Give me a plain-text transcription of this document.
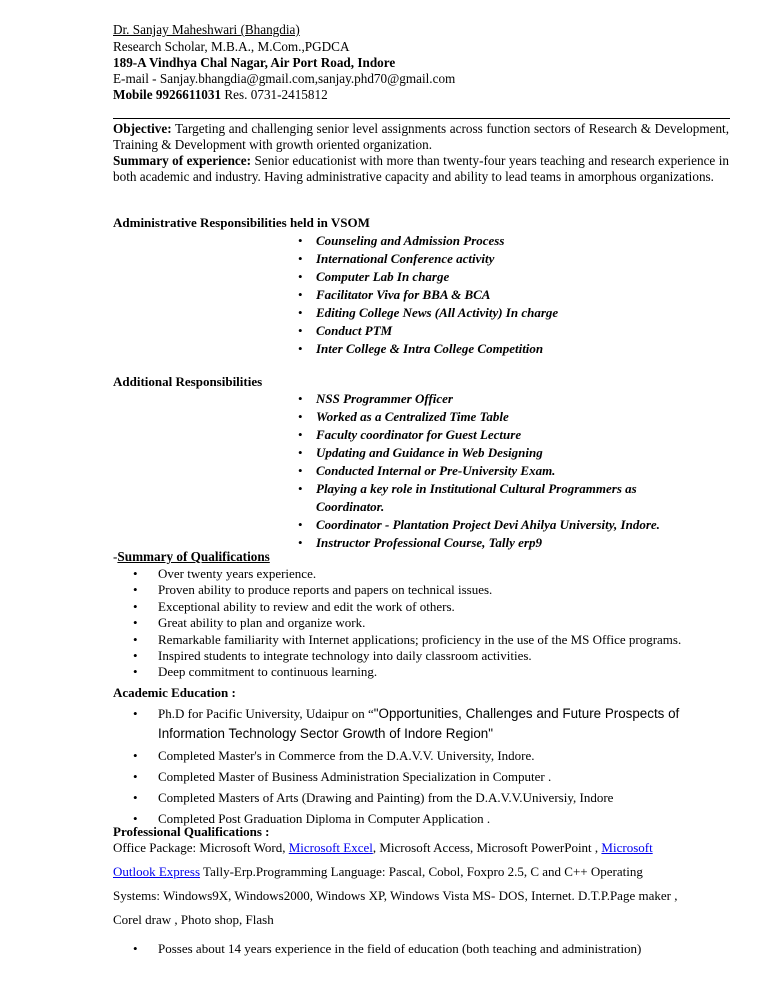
Dr. Sanjay Maheshwari (Bhangdia)
Research Scholar, M.B.A., M.Com.,PGDCA
189-A Vindhya Chal Nagar, Air Port Road, Indore
E-mail - Sanjay.bhangdia@gmail.com,sanjay.phd70@gmail.com
Mobile 9926611031 Res. 0731-2415812
Objective: Targeting and challenging senior level assignments across function sectors of Research & Development, Training & Development with growth oriented organization.
Summary of experience: Senior educationist with more than twenty-four years teaching and research experience in both academic and industry. Having administrative capacity and ability to lead teams in amorphous organizations.
Administrative Responsibilities held in VSOM
• Counseling and Admission Process
• International Conference activity
• Computer Lab In charge
• Facilitator Viva for BBA & BCA
• Editing College News (All Activity) In charge
• Conduct PTM
• Inter College & Intra College Competition
Additional Responsibilities
• NSS Programmer Officer
• Worked as a Centralized Time Table
• Faculty coordinator for Guest Lecture
• Updating and Guidance in Web Designing
• Conducted Internal or Pre-University Exam.
• Playing a key role in Institutional Cultural Programmers as
Coordinator.
• Coordinator - Plantation Project Devi Ahilya University, Indore.
• Instructor Professional Course, Tally erp9
-Summary of Qualifications
• Over twenty years experience.
• Proven ability to produce reports and papers on technical issues.
• Exceptional ability to review and edit the work of others.
• Great ability to plan and organize work.
• Remarkable familiarity with Internet applications; proficiency in the use of the MS Office programs.
• Inspired students to integrate technology into daily classroom activities.
• Deep commitment to continuous learning.
Academic Education :
• Ph.D for Pacific University, Udaipur on “"Opportunities, Challenges and Future Prospects of
Information Technology Sector Growth of Indore Region"
• Completed Master's in Commerce from the D.A.V.V. University, Indore.
• Completed Master of Business Administration Specialization in Computer .
• Completed Masters of Arts (Drawing and Painting) from the D.A.V.V.Universiy, Indore
• Completed Post Graduation Diploma in Computer Application .
Professional Qualifications :
Office Package: Microsoft Word, Microsoft Excel, Microsoft Access, Microsoft PowerPoint , Microsoft
Outlook Express Tally-Erp.Programming Language: Pascal, Cobol, Foxpro 2.5, C and C++ Operating
Systems: Windows9X, Windows2000, Windows XP, Windows Vista MS- DOS, Internet. D.T.P.Page maker ,
Corel draw , Photo shop, Flash
• Posses about 14 years experience in the field of education (both teaching and administration)
